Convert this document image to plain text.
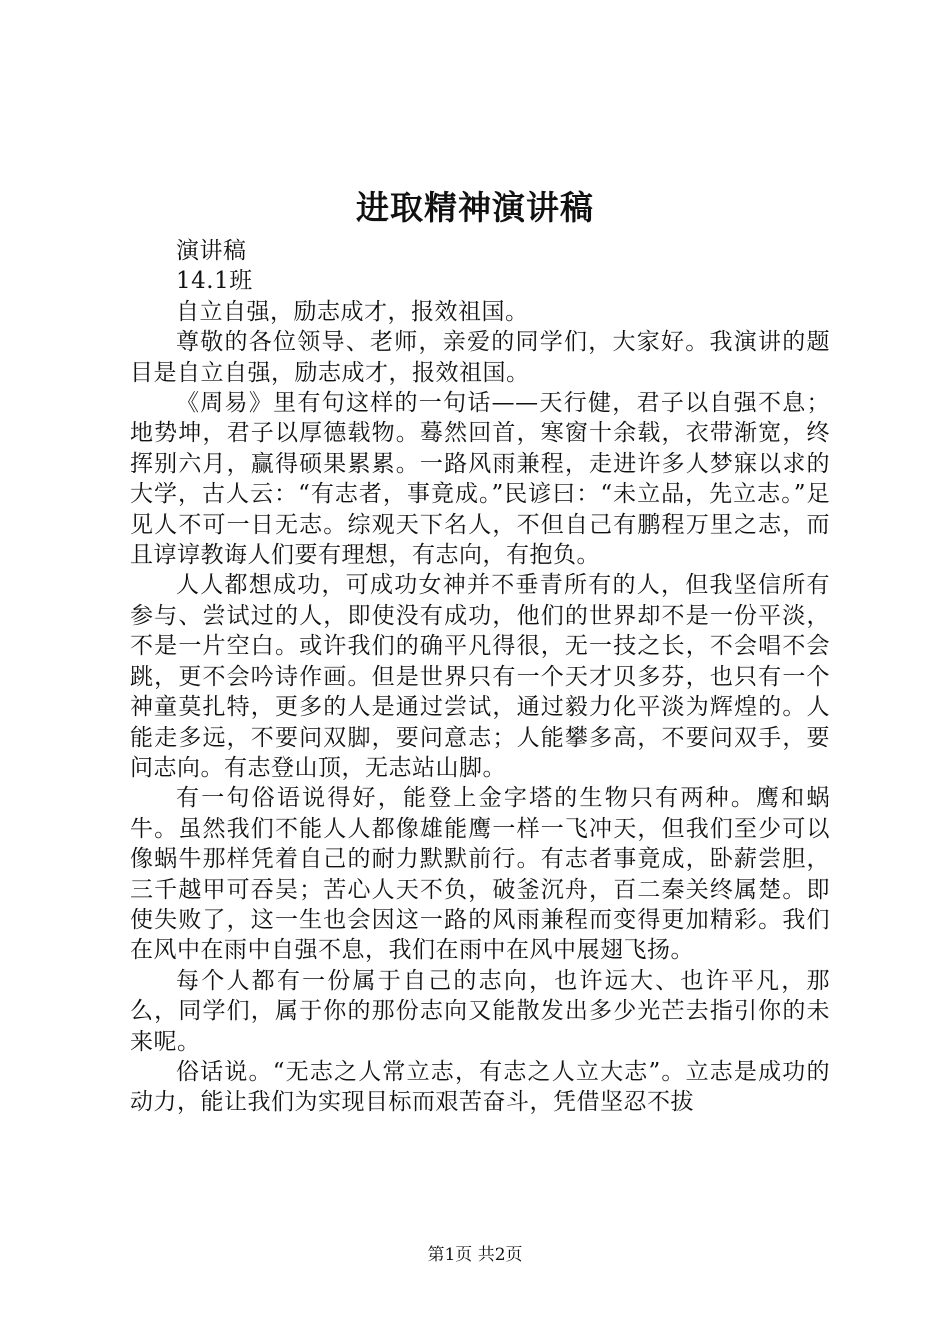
进取精神演讲稿

演讲稿

14.1班

自立自强，励志成才，报效祖国。

尊敬的各位领导、老师，亲爱的同学们，大家好。我演讲的题目是自立自强，励志成才，报效祖国。

《周易》里有句这样的一句话——天行健，君子以自强不息；地势坤，君子以厚德载物。蓦然回首，寒窗十余载，衣带渐宽，终挥别六月，赢得硕果累累。一路风雨兼程，走进许多人梦寐以求的大学，古人云：“有志者，事竟成。”民谚曰：“未立品，先立志。”足见人不可一日无志。综观天下名人，不但自己有鹏程万里之志，而且谆谆教诲人们要有理想，有志向，有抱负。

人人都想成功，可成功女神并不垂青所有的人，但我坚信所有参与、尝试过的人，即使没有成功，他们的世界却不是一份平淡，不是一片空白。或许我们的确平凡得很，无一技之长，不会唱不会跳，更不会吟诗作画。但是世界只有一个天才贝多芬，也只有一个神童莫扎特，更多的人是通过尝试，通过毅力化平淡为辉煌的。人能走多远，不要问双脚，要问意志；人能攀多高，不要问双手，要问志向。有志登山顶，无志站山脚。

有一句俗语说得好，能登上金字塔的生物只有两种。鹰和蜗牛。虽然我们不能人人都像雄能鹰一样一飞冲天，但我们至少可以像蜗牛那样凭着自己的耐力默默前行。有志者事竟成，卧薪尝胆，三千越甲可吞吴；苦心人天不负，破釜沉舟，百二秦关终属楚。即使失败了，这一生也会因这一路的风雨兼程而变得更加精彩。我们在风中在雨中自强不息，我们在雨中在风中展翅飞扬。

每个人都有一份属于自己的志向，也许远大、也许平凡，那么，同学们，属于你的那份志向又能散发出多少光芒去指引你的未来呢。

俗话说。“无志之人常立志，有志之人立大志”。立志是成功的动力，能让我们为实现目标而艰苦奋斗，凭借坚忍不拔

第1页 共2页
